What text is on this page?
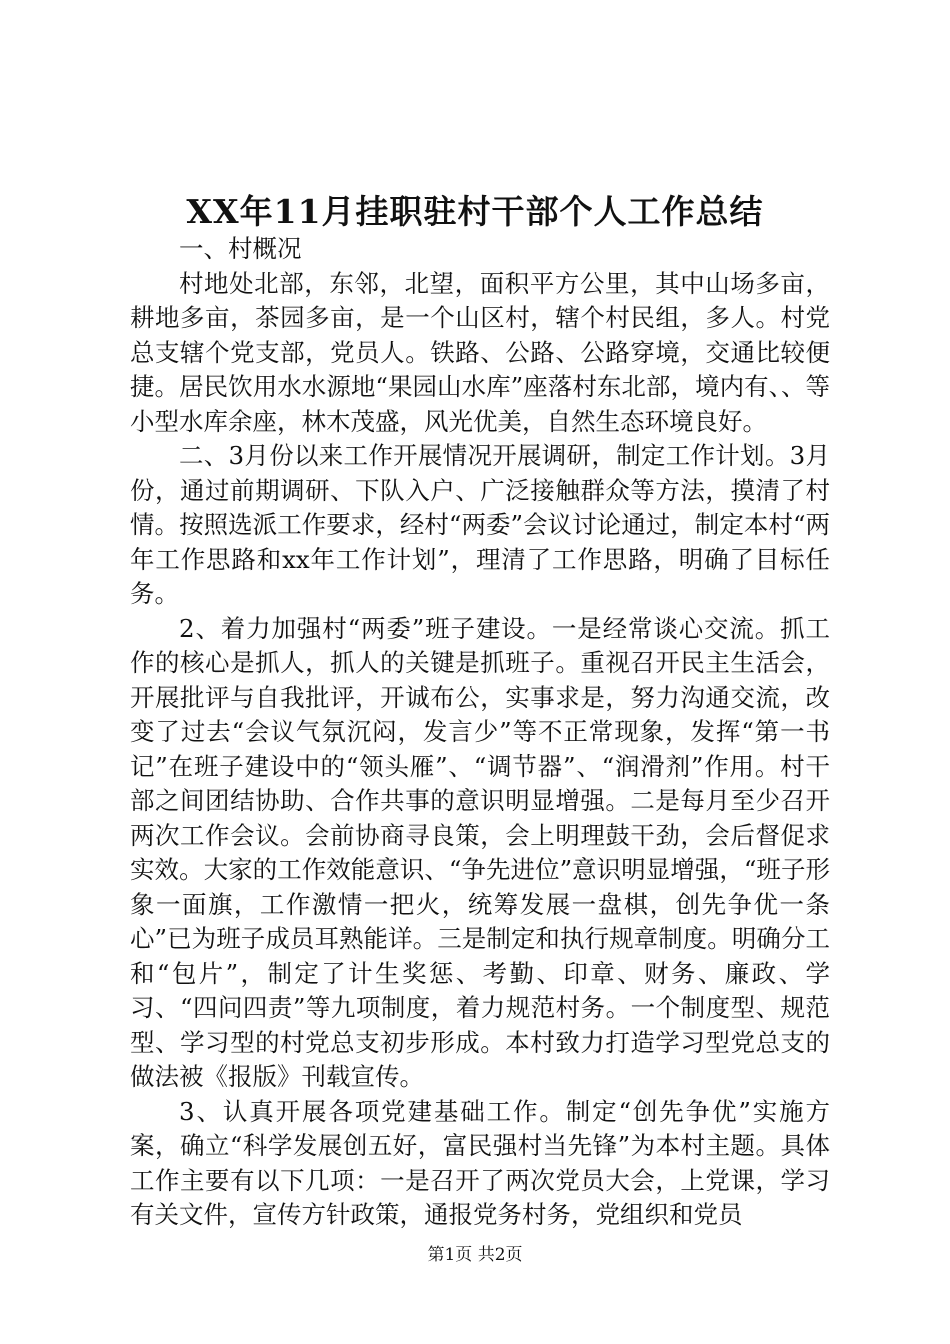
XX年11月挂职驻村干部个人工作总结

一、村概况

村地处北部，东邻，北望，面积平方公里，其中山场多亩，耕地多亩，茶园多亩，是一个山区村，辖个村民组，多人。村党总支辖个党支部，党员人。铁路、公路、公路穿境，交通比较便捷。居民饮用水水源地“果园山水库”座落村东北部，境内有、、等小型水库余座，林木茂盛，风光优美，自然生态环境良好。

二、3月份以来工作开展情况开展调研，制定工作计划。3月份，通过前期调研、下队入户、广泛接触群众等方法，摸清了村情。按照选派工作要求，经村“两委”会议讨论通过，制定本村“两年工作思路和xx年工作计划”，理清了工作思路，明确了目标任务。

2、着力加强村“两委”班子建设。一是经常谈心交流。抓工作的核心是抓人，抓人的关键是抓班子。重视召开民主生活会，开展批评与自我批评，开诚布公，实事求是，努力沟通交流，改变了过去“会议气氛沉闷，发言少”等不正常现象，发挥“第一书记”在班子建设中的“领头雁”、“调节器”、“润滑剂”作用。村干部之间团结协助、合作共事的意识明显增强。二是每月至少召开两次工作会议。会前协商寻良策，会上明理鼓干劲，会后督促求实效。大家的工作效能意识、“争先进位”意识明显增强，“班子形象一面旗，工作激情一把火，统筹发展一盘棋，创先争优一条心”已为班子成员耳熟能详。三是制定和执行规章制度。明确分工和“包片”，制定了计生奖惩、考勤、印章、财务、廉政、学习、“四问四责”等九项制度，着力规范村务。一个制度型、规范型、学习型的村党总支初步形成。本村致力打造学习型党总支的做法被《报版》刊载宣传。

3、认真开展各项党建基础工作。制定“创先争优”实施方案，确立“科学发展创五好，富民强村当先锋”为本村主题。具体工作主要有以下几项：一是召开了两次党员大会，上党课，学习有关文件，宣传方针政策，通报党务村务，党组织和党员

第1页 共2页
